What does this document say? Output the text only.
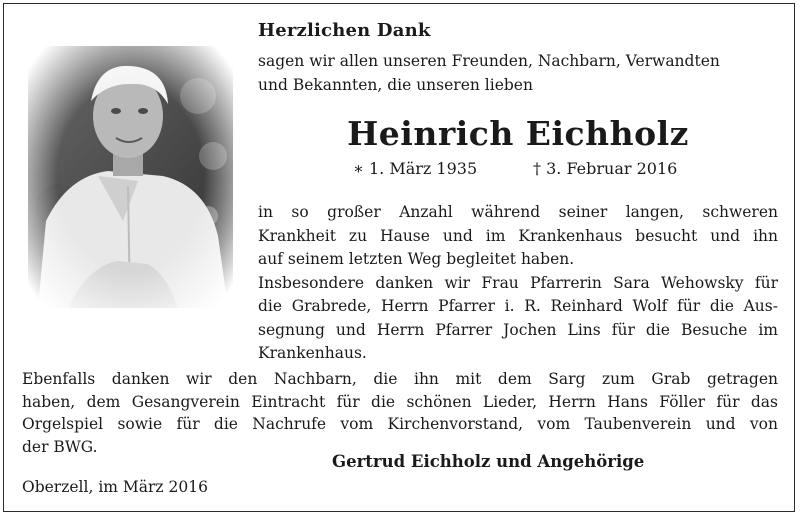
Herzlichen Dank
sagen wir allen unseren Freunden, Nachbarn, Verwandten
und Bekannten, die unseren lieben
Heinrich Eichholz
∗ 1. März 1935	† 3. Februar 2016
in so großer Anzahl während seiner langen, schweren
Krankheit zu Hause und im Krankenhaus besucht und ihn
auf seinem letzten Weg begleitet haben.
Insbesondere danken wir Frau Pfarrerin Sara Wehowsky für
die Grabrede, Herrn Pfarrer i. R. Reinhard Wolf für die Aus-
segnung und Herrn Pfarrer Jochen Lins für die Besuche im
Krankenhaus.
Ebenfalls danken wir den Nachbarn, die ihn mit dem Sarg zum Grab getragen
haben, dem Gesangverein Eintracht für die schönen Lieder, Herrn Hans Föller für das
Orgelspiel sowie für die Nachrufe vom Kirchenvorstand, vom Taubenverein und von
der BWG.
Gertrud Eichholz und Angehörige
Oberzell, im März 2016
